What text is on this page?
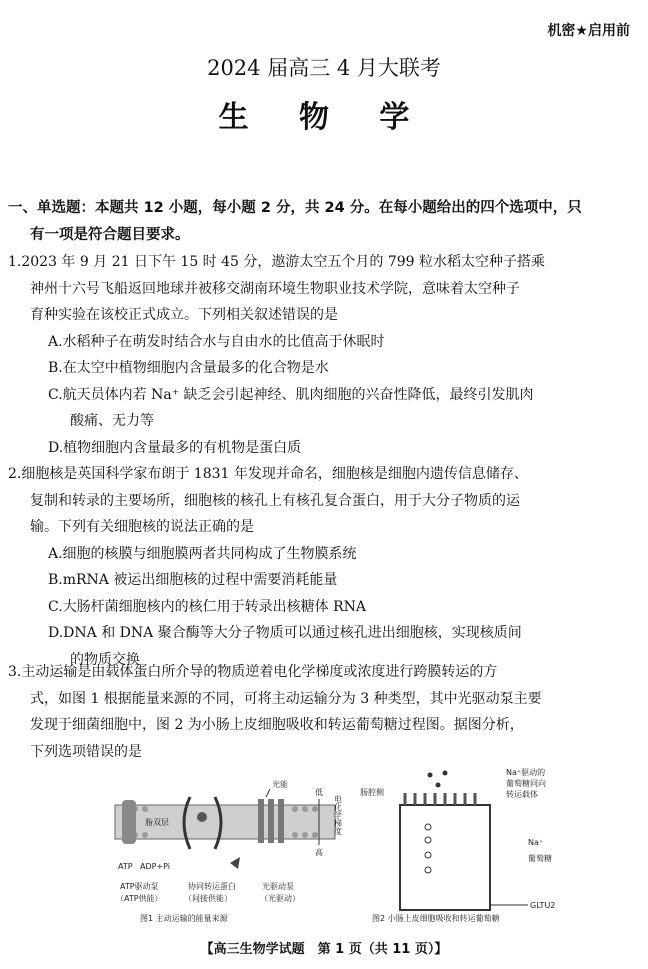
机密★启用前
2024 届高三 4 月大联考
生 物 学
一、单选题：本题共 12 小题，每小题 2 分，共 24 分。在每小题给出的四个选项中，只
有一项是符合题目要求。

1.2023 年 9 月 21 日下午 15 时 45 分，遨游太空五个月的 799 粒水稻太空种子搭乘

神州十六号飞船返回地球并被移交湖南环境生物职业技术学院，意味着太空种子

育种实验在该校正式成立。下列相关叙述错误的是

A.水稻种子在萌发时结合水与自由水的比值高于休眠时

B.在太空中植物细胞内含量最多的化合物是水

C.航天员体内若 Na⁺ 缺乏会引起神经、肌肉细胞的兴奋性降低，最终引发肌肉

酸痛、无力等

D.植物细胞内含量最多的有机物是蛋白质

2.细胞核是英国科学家布朗于 1831 年发现并命名，细胞核是细胞内遗传信息储存、

复制和转录的主要场所，细胞核的核孔上有核孔复合蛋白，用于大分子物质的运

输。下列有关细胞核的说法正确的是

A.细胞的核膜与细胞膜两者共同构成了生物膜系统

B.mRNA 被运出细胞核的过程中需要消耗能量

C.大肠杆菌细胞核内的核仁用于转录出核糖体 RNA

D.DNA 和 DNA 聚合酶等大分子物质可以通过核孔进出细胞核，实现核质间

的物质交换

3.主动运输是由载体蛋白所介导的物质逆着电化学梯度或浓度进行跨膜转运的方

式，如图 1 根据能量来源的不同，可将主动运输分为 3 种类型，其中光驱动泵主要

发现于细菌细胞中，图 2 为小肠上皮细胞吸收和转运葡萄糖过程图。据图分析，

下列选项错误的是

脂双层
光能
低
高
电化学梯度
ATP ADP+Pi
ATP驱动泵
（ATP供能）
协同转运蛋白
（间接供能）
光驱动泵
（光驱动）
图1 主动运输的能量来源
肠腔侧
Na⁺驱动的
葡萄糖同向
转运载体
Na⁺
葡萄糖
GLTU2
图2 小肠上皮细胞吸收和转运葡萄糖
【高三生物学试题　第 1 页（共 11 页）】
